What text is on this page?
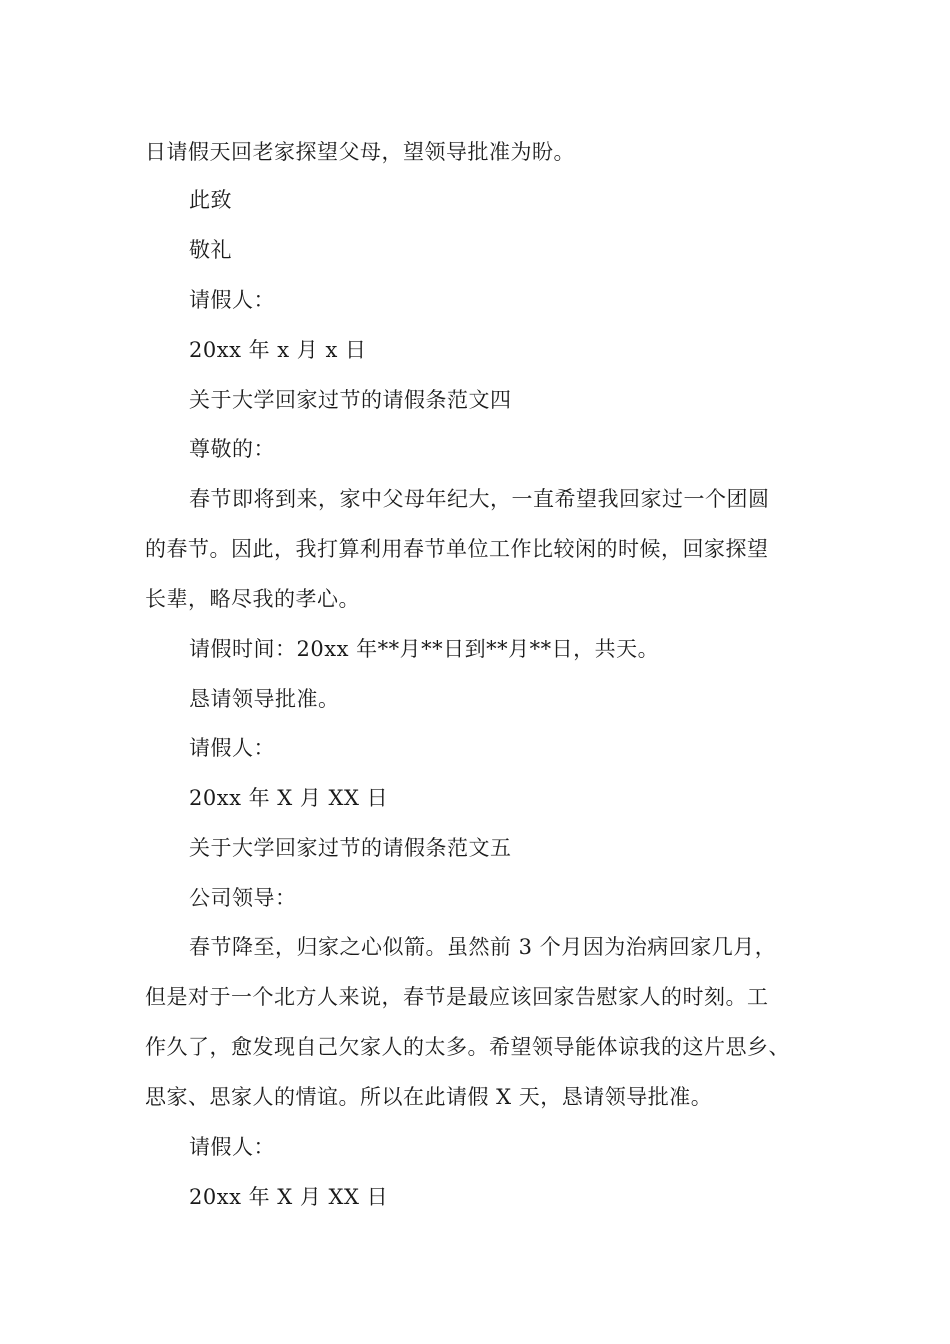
日请假天回老家探望父母，望领导批准为盼。
此致
敬礼
请假人：
20xx 年 x 月 x 日
关于大学回家过节的请假条范文四
尊敬的：
春节即将到来，家中父母年纪大，一直希望我回家过一个团圆
的春节。因此，我打算利用春节单位工作比较闲的时候，回家探望
长辈，略尽我的孝心。
请假时间：20xx 年**月**日到**月**日，共天。
恳请领导批准。
请假人：
20xx 年 X 月 XX 日
关于大学回家过节的请假条范文五
公司领导：
春节降至，归家之心似箭。虽然前 3 个月因为治病回家几月，
但是对于一个北方人来说，春节是最应该回家告慰家人的时刻。工
作久了，愈发现自己欠家人的太多。希望领导能体谅我的这片思乡、
思家、思家人的情谊。所以在此请假 X 天，恳请领导批准。
请假人：
20xx 年 X 月 XX 日
